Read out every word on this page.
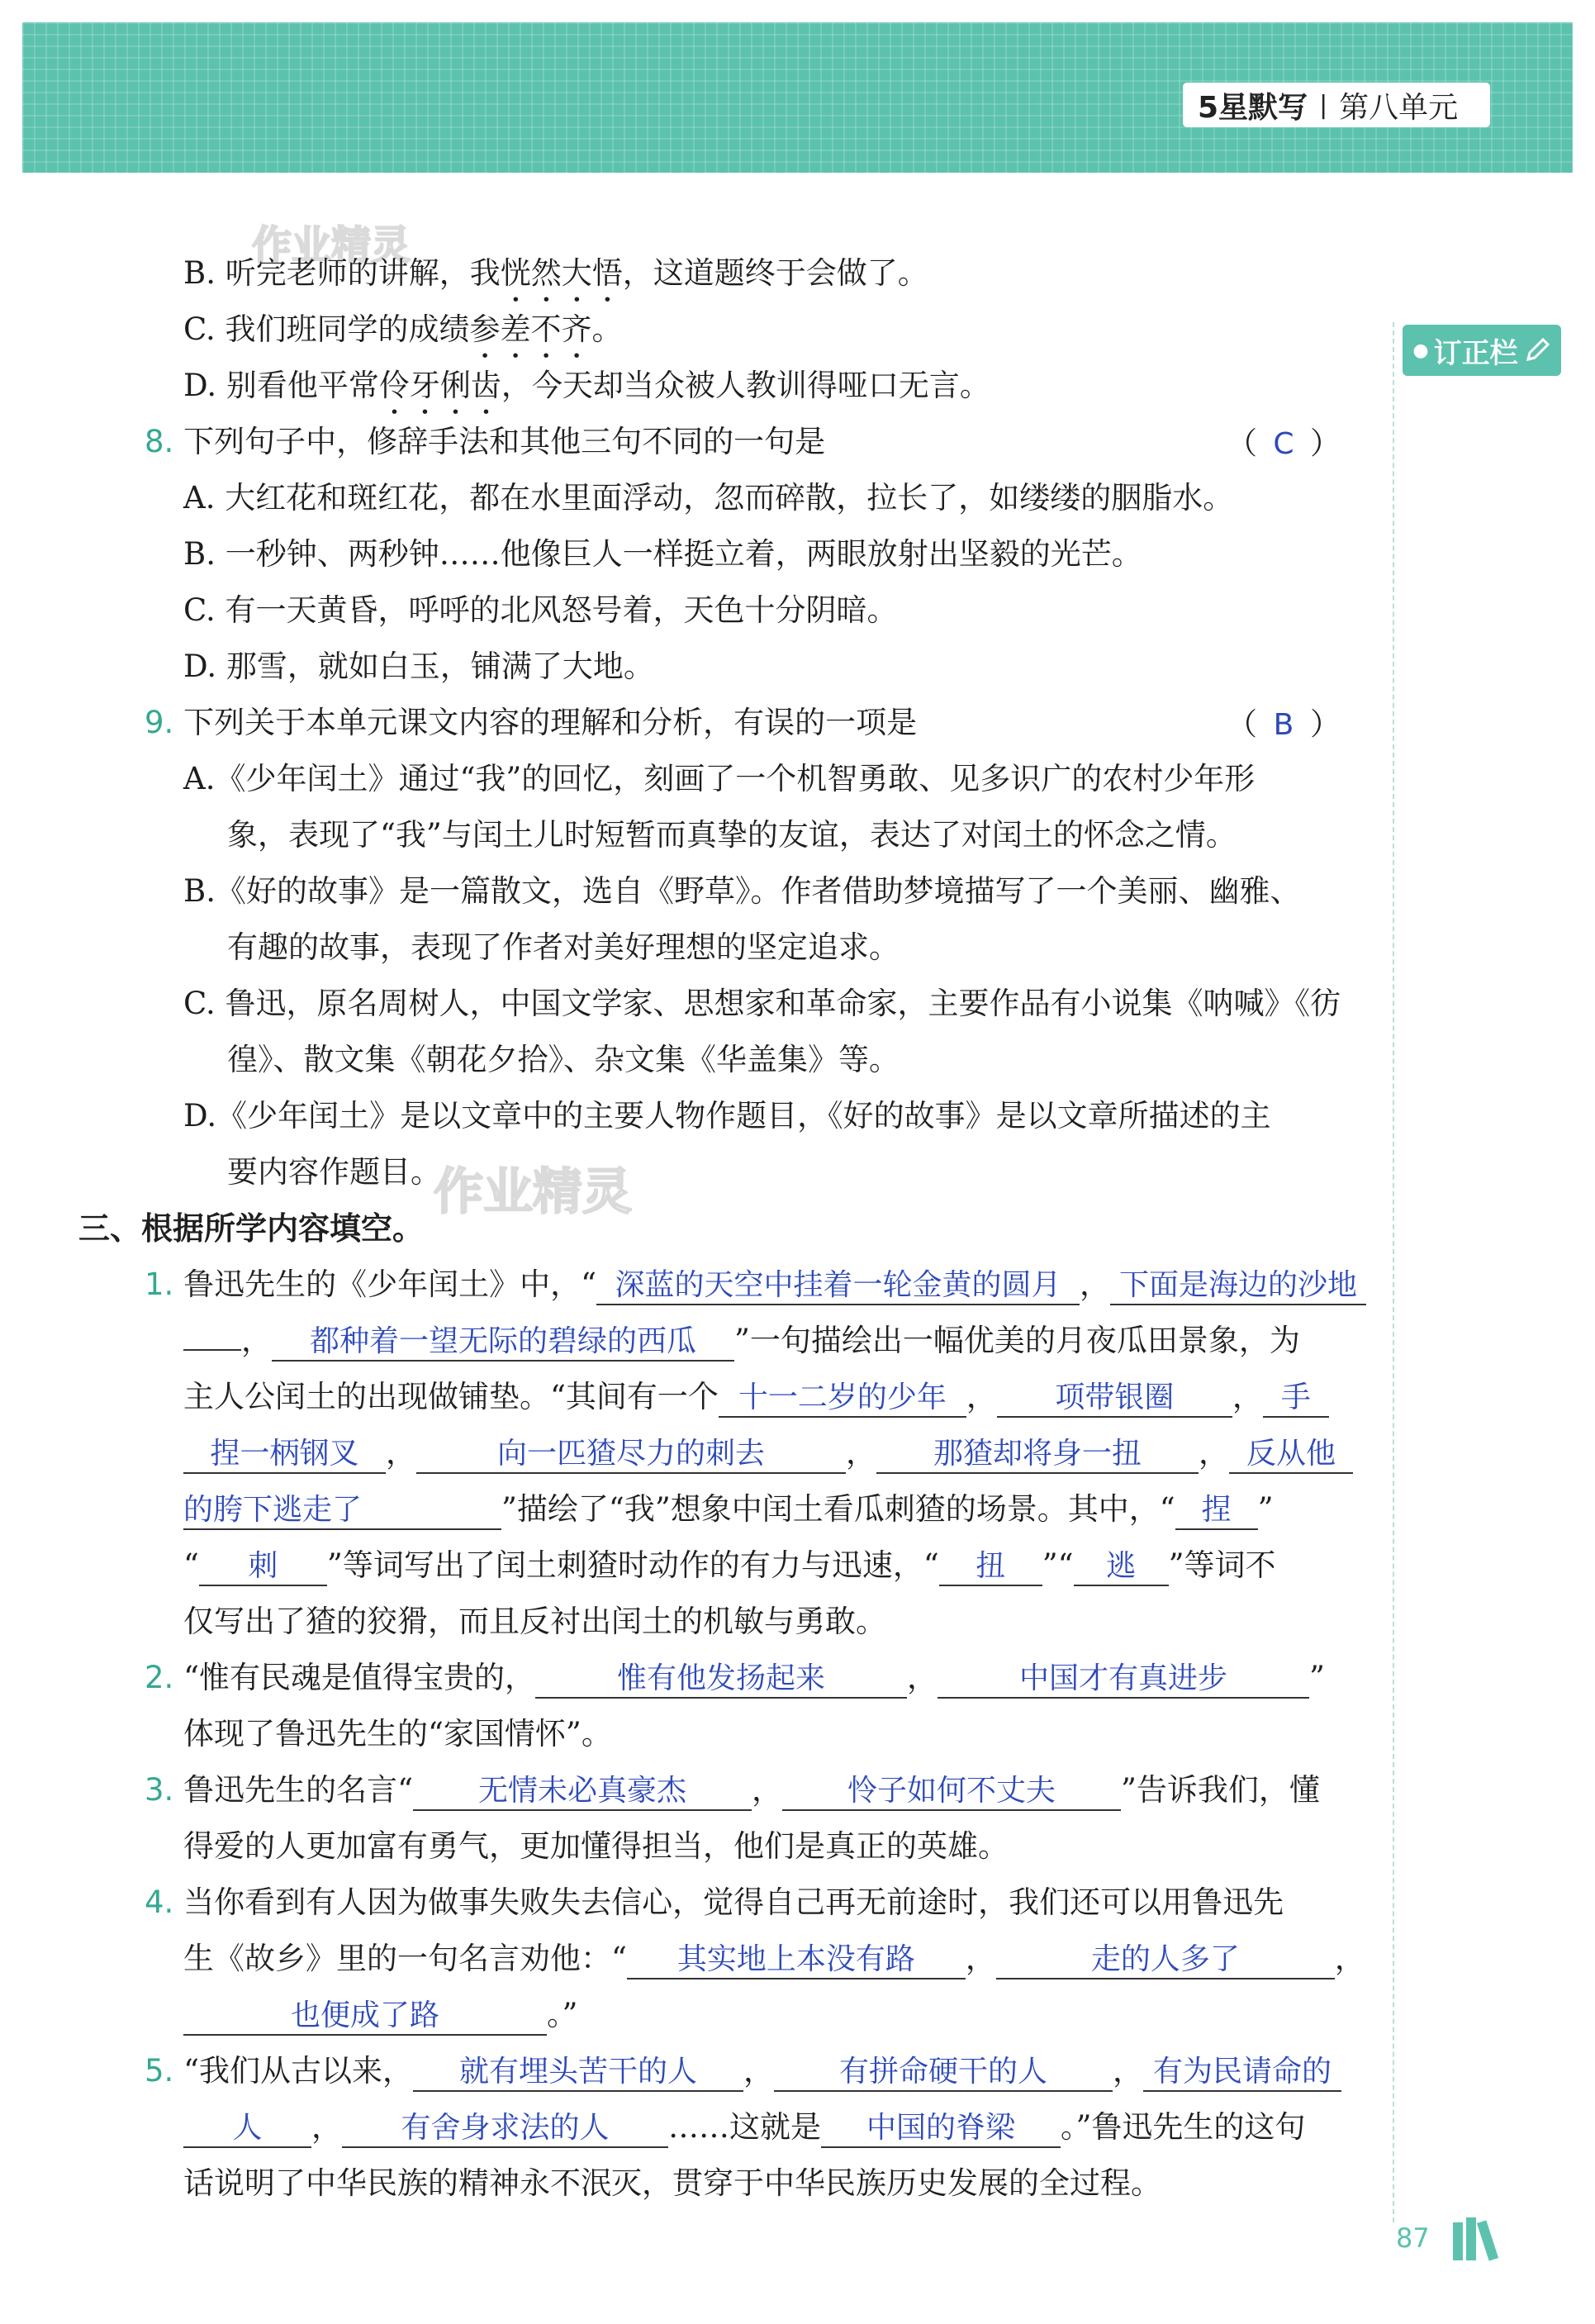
5星默写 | 第八单元
● 订正栏
作业精灵
作业精灵
B. 听完老师的讲解，我恍然大悟，这道题终于会做了。
C. 我们班同学的成绩参差不齐。
D. 别看他平常伶牙俐齿，今天却当众被人教训得哑口无言。
8. 下列句子中，修辞手法和其他三句不同的一句是	（ C ）
A. 大红花和斑红花，都在水里面浮动，忽而碎散，拉长了，如缕缕的胭脂水。
B. 一秒钟、两秒钟……他像巨人一样挺立着，两眼放射出坚毅的光芒。
C. 有一天黄昏，呼呼的北风怒号着，天色十分阴暗。
D. 那雪，就如白玉，铺满了大地。
9. 下列关于本单元课文内容的理解和分析，有误的一项是	（ B ）
A.《少年闰土》通过“我”的回忆，刻画了一个机智勇敢、见多识广的农村少年形
象，表现了“我”与闰土儿时短暂而真挚的友谊，表达了对闰土的怀念之情。
B.《好的故事》是一篇散文，选自《野草》。作者借助梦境描写了一个美丽、幽雅、
有趣的故事，表现了作者对美好理想的坚定追求。
C. 鲁迅，原名周树人，中国文学家、思想家和革命家，主要作品有小说集《呐喊》《彷
徨》、散文集《朝花夕拾》、杂文集《华盖集》等。
D.《少年闰土》是以文章中的主要人物作题目，《好的故事》是以文章所描述的主
要内容作题目。
三、根据所学内容填空。
1. 鲁迅先生的《少年闰土》中，“ 深蓝的天空中挂着一轮金黄的圆月 ， 下面是海边的沙地
， 都种着一望无际的碧绿的西瓜 ”一句描绘出一幅优美的月夜瓜田景象，为
主人公闰土的出现做铺垫。“其间有一个 十一二岁的少年 ， 项带银圈 ， 手
捏一柄钢叉 ，	向一匹猹尽力的刺去	， 那猹却将身一扭 ， 反从他
的胯下逃走了	”描绘了“我”想象中闰土看瓜刺猹的场景。其中，“ 捏 ”
“ 刺 ”等词写出了闰土刺猹时动作的有力与迅速，“ 扭 ”“ 逃 ”等词不
仅写出了猹的狡猾，而且反衬出闰土的机敏与勇敢。
2. “惟有民魂是值得宝贵的，	惟有他发扬起来	，	中国才有真进步	”
体现了鲁迅先生的“家国情怀”。
3. 鲁迅先生的名言“ 无情未必真豪杰 ， 怜子如何不丈夫 ”告诉我们，懂
得爱的人更加富有勇气，更加懂得担当，他们是真正的英雄。
4. 当你看到有人因为做事失败失去信心，觉得自己再无前途时，我们还可以用鲁迅先
生《故乡》里的一句名言劝他：“ 其实地上本没有路 ，	走的人多了	，
也便成了路	。”
5. “我们从古以来， 就有埋头苦干的人 ， 有拼命硬干的人 ， 有为民请命的
人 ， 有舍身求法的人 ……这就是 中国的脊梁 。”鲁迅先生的这句
话说明了中华民族的精神永不泯灭，贯穿于中华民族历史发展的全过程。
87
